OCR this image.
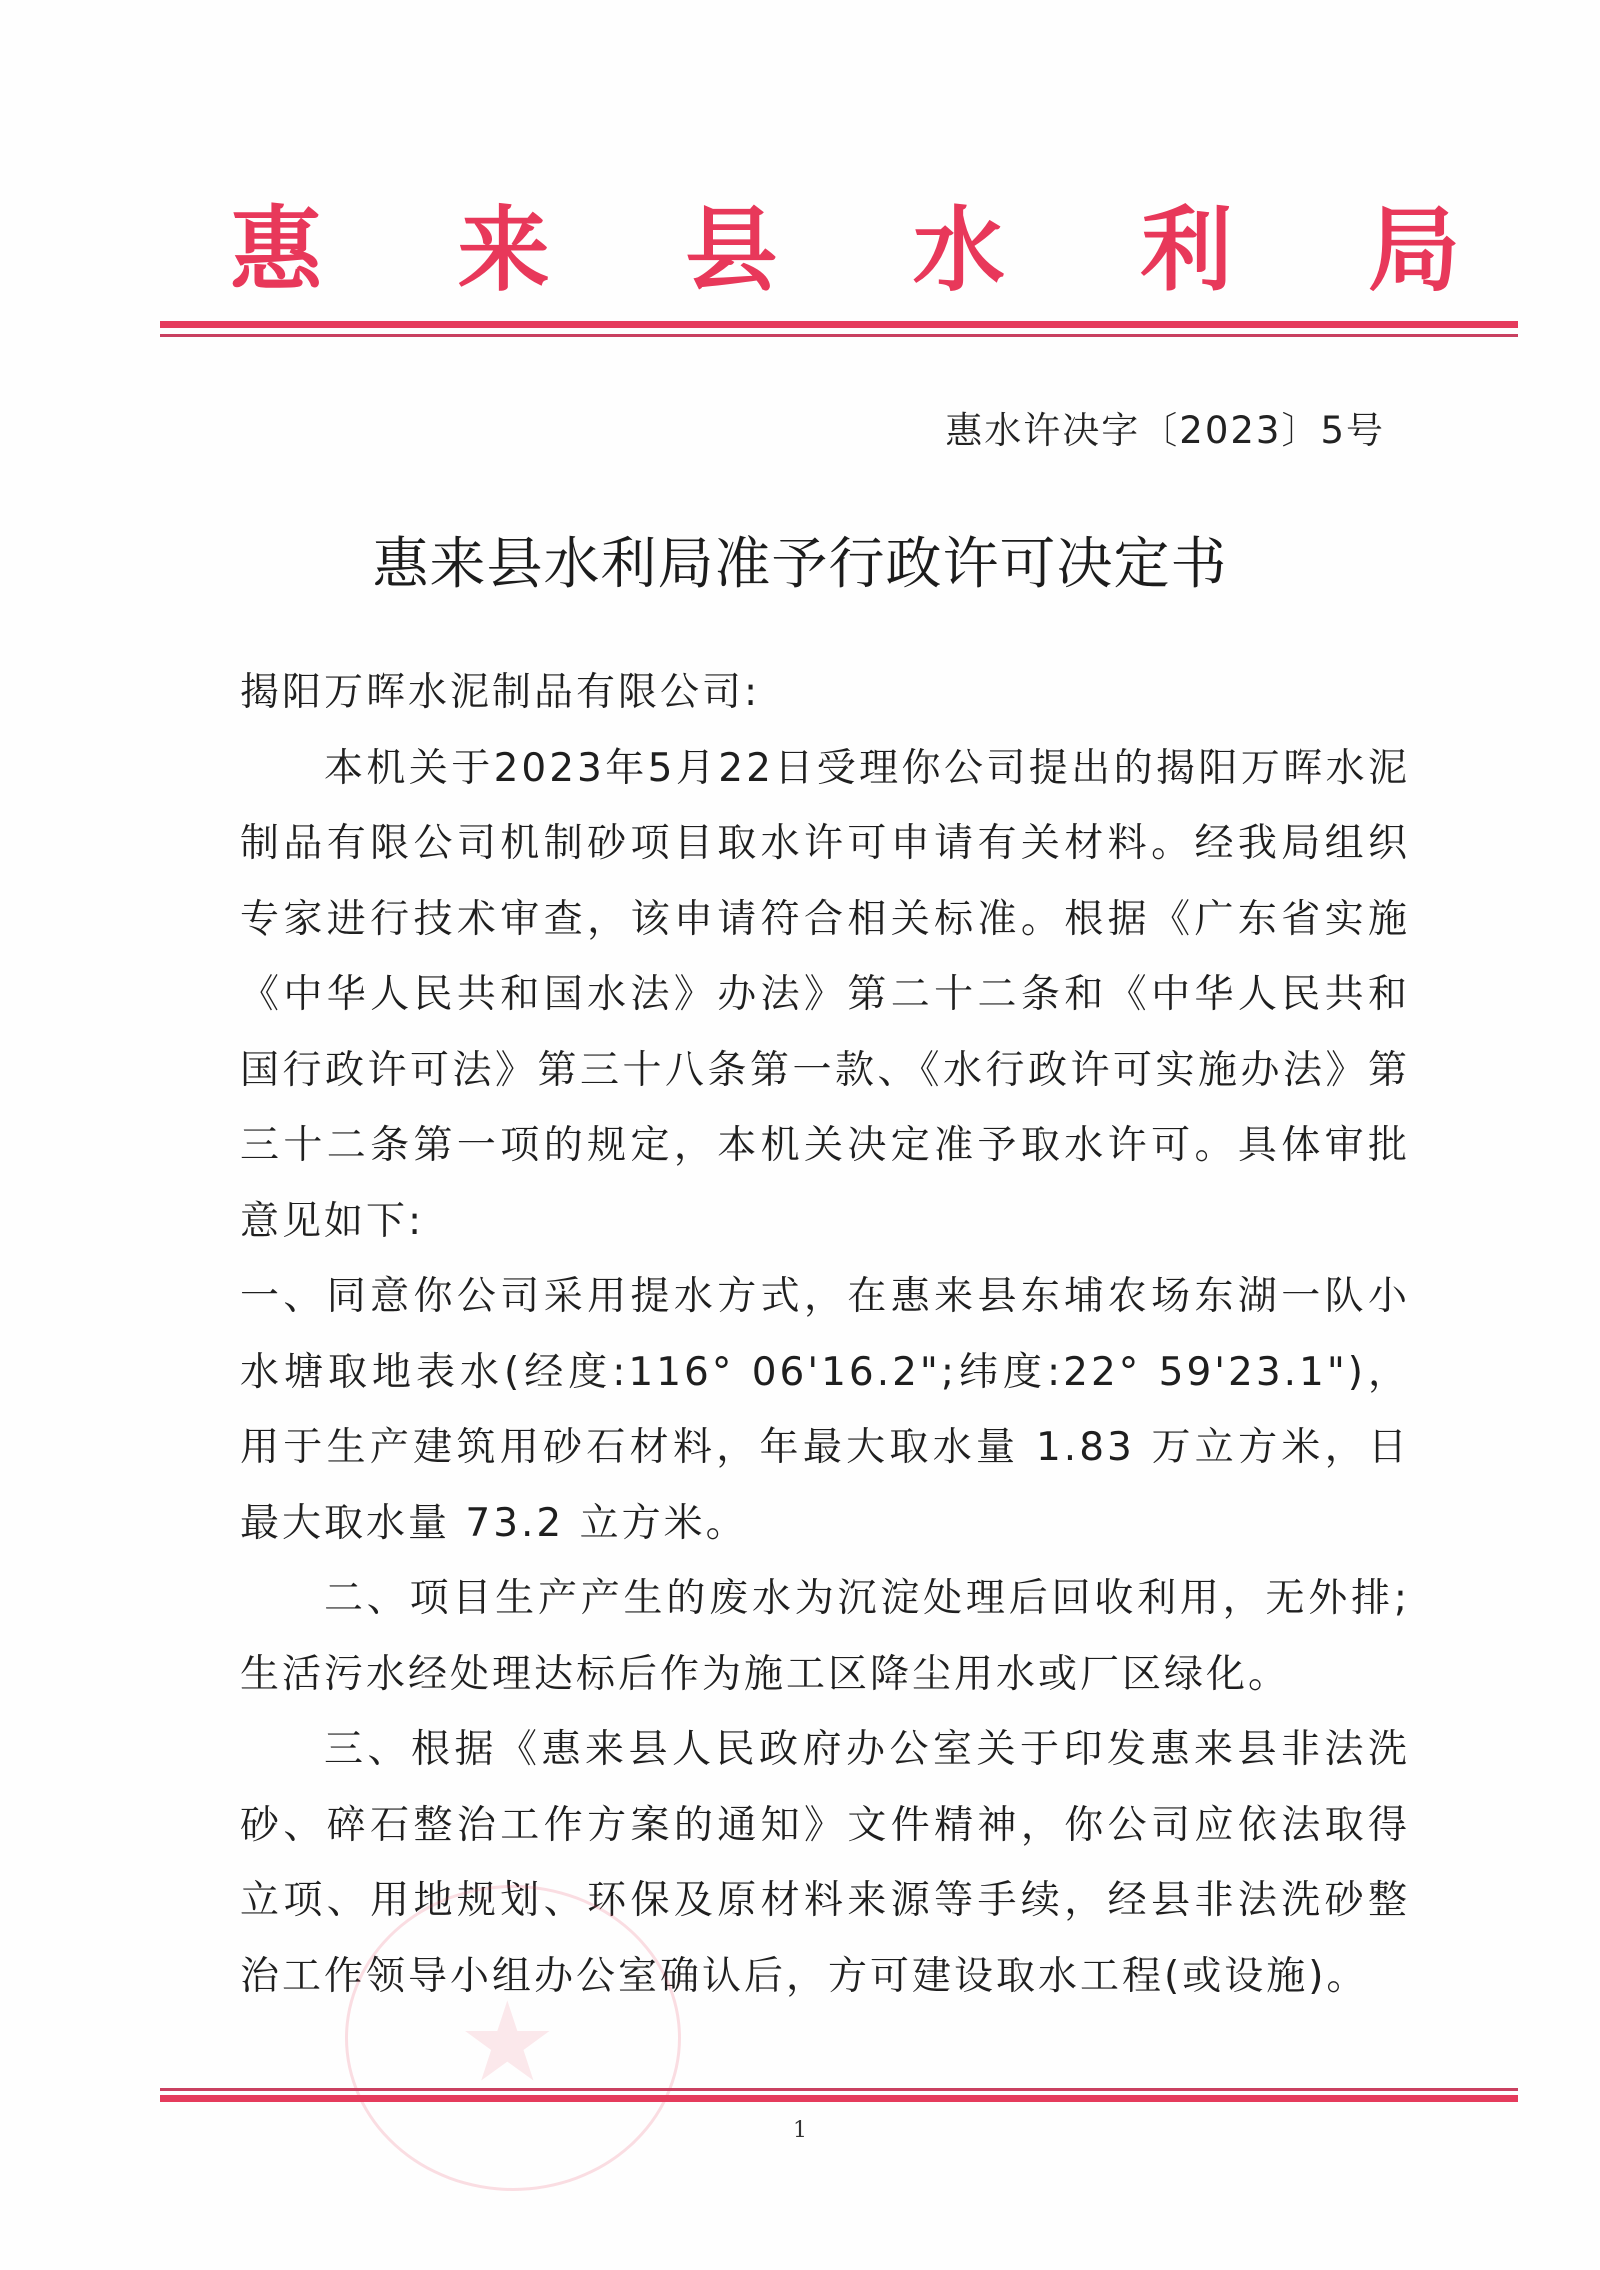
惠 来 县 水 利 局
惠水许决字〔2023〕5号
惠来县水利局准予行政许可决定书

揭阳万晖水泥制品有限公司:

本机关于2023年5月22日受理你公司提出的揭阳万晖水泥制品有限公司机制砂项目取水许可申请有关材料。经我局组织专家进行技术审查，该申请符合相关标准。根据《广东省实施《中华人民共和国水法》办法》第二十二条和《中华人民共和国行政许可法》第三十八条第一款、《水行政许可实施办法》第三十二条第一项的规定，本机关决定准予取水许可。具体审批意见如下:

一、同意你公司采用提水方式，在惠来县东埔农场东湖一队小水塘取地表水(经度:116° 06'16.2";纬度:22° 59'23.1")，用于生产建筑用砂石材料，年最大取水量 1.83 万立方米，日最大取水量 73.2 立方米。

二、项目生产产生的废水为沉淀处理后回收利用，无外排;生活污水经处理达标后作为施工区降尘用水或厂区绿化。

三、根据《惠来县人民政府办公室关于印发惠来县非法洗砂、碎石整治工作方案的通知》文件精神，你公司应依法取得立项、用地规划、环保及原材料来源等手续，经县非法洗砂整治工作领导小组办公室确认后，方可建设取水工程(或设施)。

★
1
